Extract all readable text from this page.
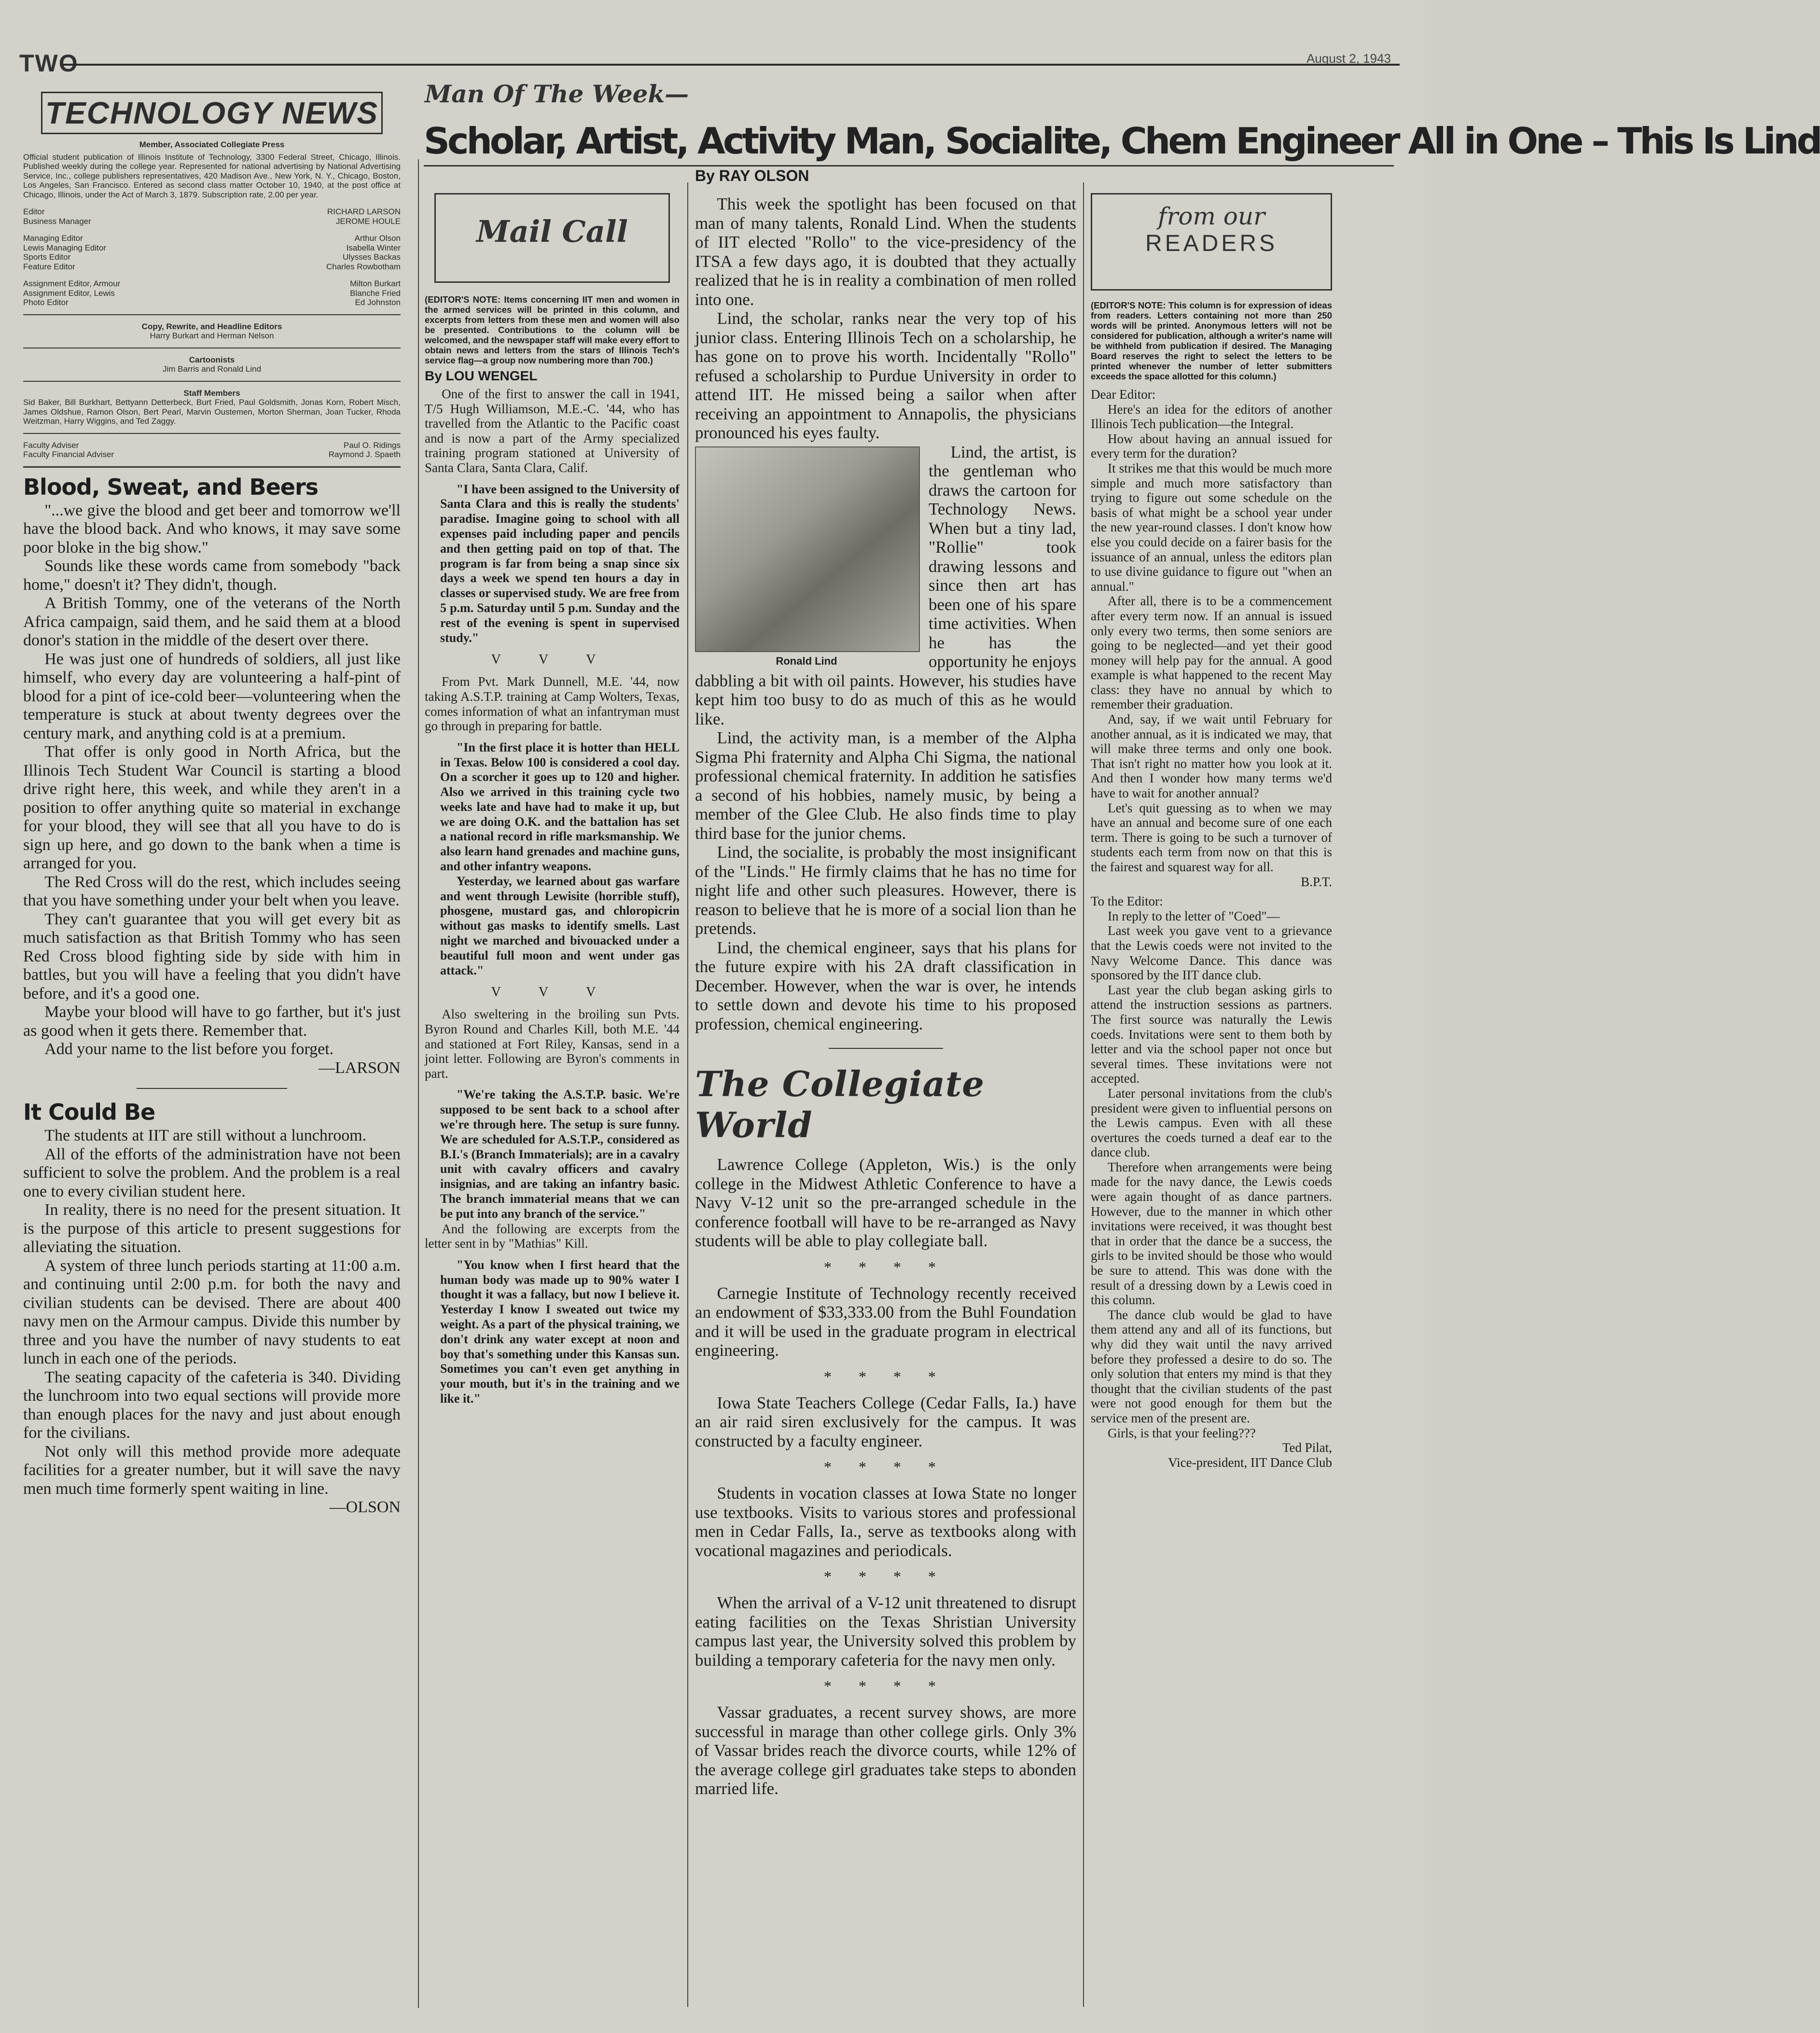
TWO	August 2, 1943
TECHNOLOGY NEWS
Member, Associated Collegiate Press
Official student publication of Illinois Institute of Technology, 3300 Federal Street, Chicago, Illinois. Published weekly during the college year. Represented for national advertising by National Advertising Service, Inc., college publishers representatives, 420 Madison Ave., New York, N. Y., Chicago, Boston, Los Angeles, San Francisco. Entered as second class matter October 10, 1940, at the post office at Chicago, Illinois, under the Act of March 3, 1879. Subscription rate, 2.00 per year.
Editor	RICHARD LARSON
Business Manager	JEROME HOULE
Managing Editor	Arthur Olson
Lewis Managing Editor	Isabella Winter
Sports Editor	Ulysses Backas
Feature Editor	Charles Rowbotham
Assignment Editor, Armour	Milton Burkart
Assignment Editor, Lewis	Blanche Fried
Photo Editor	Ed Johnston
Copy, Rewrite, and Headline Editors
Harry Burkart and Herman Nelson
Cartoonists
Jim Barris and Ronald Lind
Staff Members
Sid Baker, Bill Burkhart, Bettyann Detterbeck, Burt Fried, Paul Goldsmith, Jonas Korn, Robert Misch, James Oldshue, Ramon Olson, Bert Pearl, Marvin Oustemen, Morton Sherman, Joan Tucker, Rhoda Weitzman, Harry Wiggins, and Ted Zaggy.
Faculty Adviser	Paul O. Ridings
Faculty Financial Adviser	Raymond J. Spaeth
Blood, Sweat, and Beers

"...we give the blood and get beer and tomorrow we'll have the blood back. And who knows, it may save some poor bloke in the big show."

Sounds like these words came from somebody "back home," doesn't it? They didn't, though.

A British Tommy, one of the veterans of the North Africa campaign, said them, and he said them at a blood donor's station in the middle of the desert over there.

He was just one of hundreds of soldiers, all just like himself, who every day are volunteering a half-pint of blood for a pint of ice-cold beer—volunteering when the temperature is stuck at about twenty degrees over the century mark, and anything cold is at a premium.

That offer is only good in North Africa, but the Illinois Tech Student War Council is starting a blood drive right here, this week, and while they aren't in a position to offer anything quite so material in exchange for your blood, they will see that all you have to do is sign up here, and go down to the bank when a time is arranged for you.

The Red Cross will do the rest, which includes seeing that you have something under your belt when you leave.

They can't guarantee that you will get every bit as much satisfaction as that British Tommy who has seen Red Cross blood fighting side by side with him in battles, but you will have a feeling that you didn't have before, and it's a good one.

Maybe your blood will have to go farther, but it's just as good when it gets there. Remember that.

Add your name to the list before you forget.

—LARSON

It Could Be

The students at IIT are still without a lunchroom.

All of the efforts of the administration have not been sufficient to solve the problem. And the problem is a real one to every civilian student here.

In reality, there is no need for the present situation. It is the purpose of this article to present suggestions for alleviating the situation.

A system of three lunch periods starting at 11:00 a.m. and continuing until 2:00 p.m. for both the navy and civilian students can be devised. There are about 400 navy men on the Armour campus. Divide this number by three and you have the number of navy students to eat lunch in each one of the periods.

The seating capacity of the cafeteria is 340. Dividing the lunchroom into two equal sections will provide more than enough places for the navy and just about enough for the civilians.

Not only will this method provide more adequate facilities for a greater number, but it will save the navy men much time formerly spent waiting in line.

—OLSON

Man Of The Week—
Scholar, Artist, Activity Man, Socialite, Chem Engineer All in One – This Is Lind
Mail Call
(EDITOR'S NOTE: Items concerning IIT men and women in the armed services will be printed in this column, and excerpts from letters from these men and women will also be presented. Contributions to the column will be welcomed, and the newspaper staff will make every effort to obtain news and letters from the stars of Illinois Tech's service flag—a group now numbering more than 700.)
By LOU WENGEL

One of the first to answer the call in 1941, T/5 Hugh Williamson, M.E.-C. '44, who has travelled from the Atlantic to the Pacific coast and is now a part of the Army specialized training program stationed at University of Santa Clara, Santa Clara, Calif.

"I have been assigned to the University of Santa Clara and this is really the students' paradise. Imagine going to school with all expenses paid including paper and pencils and then getting paid on top of that. The program is far from being a snap since six days a week we spend ten hours a day in classes or supervised study. We are free from 5 p.m. Saturday until 5 p.m. Sunday and the rest of the evening is spent in supervised study."

V V V

From Pvt. Mark Dunnell, M.E. '44, now taking A.S.T.P. training at Camp Wolters, Texas, comes information of what an infantryman must go through in preparing for battle.

"In the first place it is hotter than HELL in Texas. Below 100 is considered a cool day. On a scorcher it goes up to 120 and higher. Also we arrived in this training cycle two weeks late and have had to make it up, but we are doing O.K. and the battalion has set a national record in rifle marksmanship. We also learn hand grenades and machine guns, and other infantry weapons.

Yesterday, we learned about gas warfare and went through Lewisite (horrible stuff), phosgene, mustard gas, and chloropicrin without gas masks to identify smells. Last night we marched and bivouacked under a beautiful full moon and went under gas attack."

V V V

Also sweltering in the broiling sun Pvts. Byron Round and Charles Kill, both M.E. '44 and stationed at Fort Riley, Kansas, send in a joint letter. Following are Byron's comments in part.

"We're taking the A.S.T.P. basic. We're supposed to be sent back to a school after we're through here. The setup is sure funny. We are scheduled for A.S.T.P., considered as B.I.'s (Branch Immaterials); are in a cavalry unit with cavalry officers and cavalry insignias, and are taking an infantry basic. The branch immaterial means that we can be put into any branch of the service."

And the following are excerpts from the letter sent in by "Mathias" Kill.

"You know when I first heard that the human body was made up to 90% water I thought it was a fallacy, but now I believe it. Yesterday I know I sweated out twice my weight. As a part of the physical training, we don't drink any water except at noon and boy that's something under this Kansas sun. Sometimes you can't even get anything in your mouth, but it's in the training and we like it."

By RAY OLSON

This week the spotlight has been focused on that man of many talents, Ronald Lind. When the students of IIT elected "Rollo" to the vice-presidency of the ITSA a few days ago, it is doubted that they actually realized that he is in reality a combination of men rolled into one.

Lind, the scholar, ranks near the very top of his junior class. Entering Illinois Tech on a scholarship, he has gone on to prove his worth. Incidentally "Rollo" refused a scholarship to Purdue University in order to attend IIT. He missed being a sailor when after receiving an appointment to Annapolis, the physicians pronounced his eyes faulty.

Ronald Lind

Lind, the artist, is the gentleman who draws the cartoon for Technology News. When but a tiny lad, "Rollie" took drawing lessons and since then art has been one of his spare time activities. When he has the opportunity he enjoys dabbling a bit with oil paints. However, his studies have kept him too busy to do as much of this as he would like.

Lind, the activity man, is a member of the Alpha Sigma Phi fraternity and Alpha Chi Sigma, the national professional chemical fraternity. In addition he satisfies a second of his hobbies, namely music, by being a member of the Glee Club. He also finds time to play third base for the junior chems.

Lind, the socialite, is probably the most insignificant of the "Linds." He firmly claims that he has no time for night life and other such pleasures. However, there is reason to believe that he is more of a social lion than he pretends.

Lind, the chemical engineer, says that his plans for the future expire with his 2A draft classification in December. However, when the war is over, he intends to settle down and devote his time to his proposed profession, chemical engineering.

The Collegiate World

Lawrence College (Appleton, Wis.) is the only college in the Midwest Athletic Conference to have a Navy V-12 unit so the pre-arranged schedule in the conference football will have to be re-arranged as Navy students will be able to play collegiate ball.

* * * *

Carnegie Institute of Technology recently received an endowment of $33,333.00 from the Buhl Foundation and it will be used in the graduate program in electrical engineering.

* * * *

Iowa State Teachers College (Cedar Falls, Ia.) have an air raid siren exclusively for the campus. It was constructed by a faculty engineer.

* * * *

Students in vocation classes at Iowa State no longer use textbooks. Visits to various stores and professional men in Cedar Falls, Ia., serve as textbooks along with vocational magazines and periodicals.

* * * *

When the arrival of a V-12 unit threatened to disrupt eating facilities on the Texas Shristian University campus last year, the University solved this problem by building a temporary cafeteria for the navy men only.

* * * *

Vassar graduates, a recent survey shows, are more successful in marage than other college girls. Only 3% of Vassar brides reach the divorce courts, while 12% of the average college girl graduates take steps to abonden married life.

from our
READERS
(EDITOR'S NOTE: This column is for expression of ideas from readers. Letters containing not more than 250 words will be printed. Anonymous letters will not be considered for publication, although a writer's name will be withheld from publication if desired. The Managing Board reserves the right to select the letters to be printed whenever the number of letter submitters exceeds the space allotted for this column.)

Dear Editor:

Here's an idea for the editors of another Illinois Tech publication—the Integral.

How about having an annual issued for every term for the duration?

It strikes me that this would be much more simple and much more satisfactory than trying to figure out some schedule on the basis of what might be a school year under the new year-round classes. I don't know how else you could decide on a fairer basis for the issuance of an annual, unless the editors plan to use divine guidance to figure out "when an annual."

After all, there is to be a commencement after every term now. If an annual is issued only every two terms, then some seniors are going to be neglected—and yet their good money will help pay for the annual. A good example is what happened to the recent May class: they have no annual by which to remember their graduation.

And, say, if we wait until February for another annual, as it is indicated we may, that will make three terms and only one book. That isn't right no matter how you look at it. And then I wonder how many terms we'd have to wait for another annual?

Let's quit guessing as to when we may have an annual and become sure of one each term. There is going to be such a turnover of students each term from now on that this is the fairest and squarest way for all.

B.P.T.

To the Editor:

In reply to the letter of "Coed"—

Last week you gave vent to a grievance that the Lewis coeds were not invited to the Navy Welcome Dance. This dance was sponsored by the IIT dance club.

Last year the club began asking girls to attend the instruction sessions as partners. The first source was naturally the Lewis coeds. Invitations were sent to them both by letter and via the school paper not once but several times. These invitations were not accepted.

Later personal invitations from the club's president were given to influential persons on the Lewis campus. Even with all these overtures the coeds turned a deaf ear to the dance club.

Therefore when arrangements were being made for the navy dance, the Lewis coeds were again thought of as dance partners. However, due to the manner in which other invitations were received, it was thought best that in order that the dance be a success, the girls to be invited should be those who would be sure to attend. This was done with the result of a dressing down by a Lewis coed in this column.

The dance club would be glad to have them attend any and all of its functions, but why did they wait until the navy arrived before they professed a desire to do so. The only solution that enters my mind is that they thought that the civilian students of the past were not good enough for them but the service men of the present are.

Girls, is that your feeling???

Ted Pilat,

Vice-president, IIT Dance Club
